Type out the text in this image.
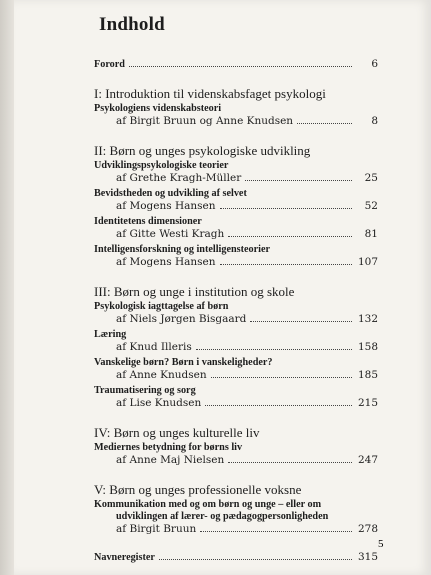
Indhold
Forord	6
I: Introduktion til videnskabsfaget psykologi
Psykologiens videnskabsteori
af Birgit Bruun og Anne Knudsen	8
II: Børn og unges psykologiske udvikling
Udviklingspsykologiske teorier
af Grethe Kragh-Müller	25
Bevidstheden og udvikling af selvet
af Mogens Hansen	52
Identitetens dimensioner
af Gitte Westi Kragh	81
Intelligensforskning og intelligensteorier
af Mogens Hansen	107
III: Børn og unge i institution og skole
Psykologisk iagttagelse af børn
af Niels Jørgen Bisgaard	132
Læring
af Knud Illeris	158
Vanskelige børn? Børn i vanskeligheder?
af Anne Knudsen	185
Traumatisering og sorg
af Lise Knudsen	215
IV: Børn og unges kulturelle liv
Mediernes betydning for børns liv
af Anne Maj Nielsen	247
V: Børn og unges professionelle voksne
Kommunikation med og om børn og unge – eller om
udviklingen af lærer- og pædagogpersonligheden
af Birgit Bruun	278
Navneregister	315
5
